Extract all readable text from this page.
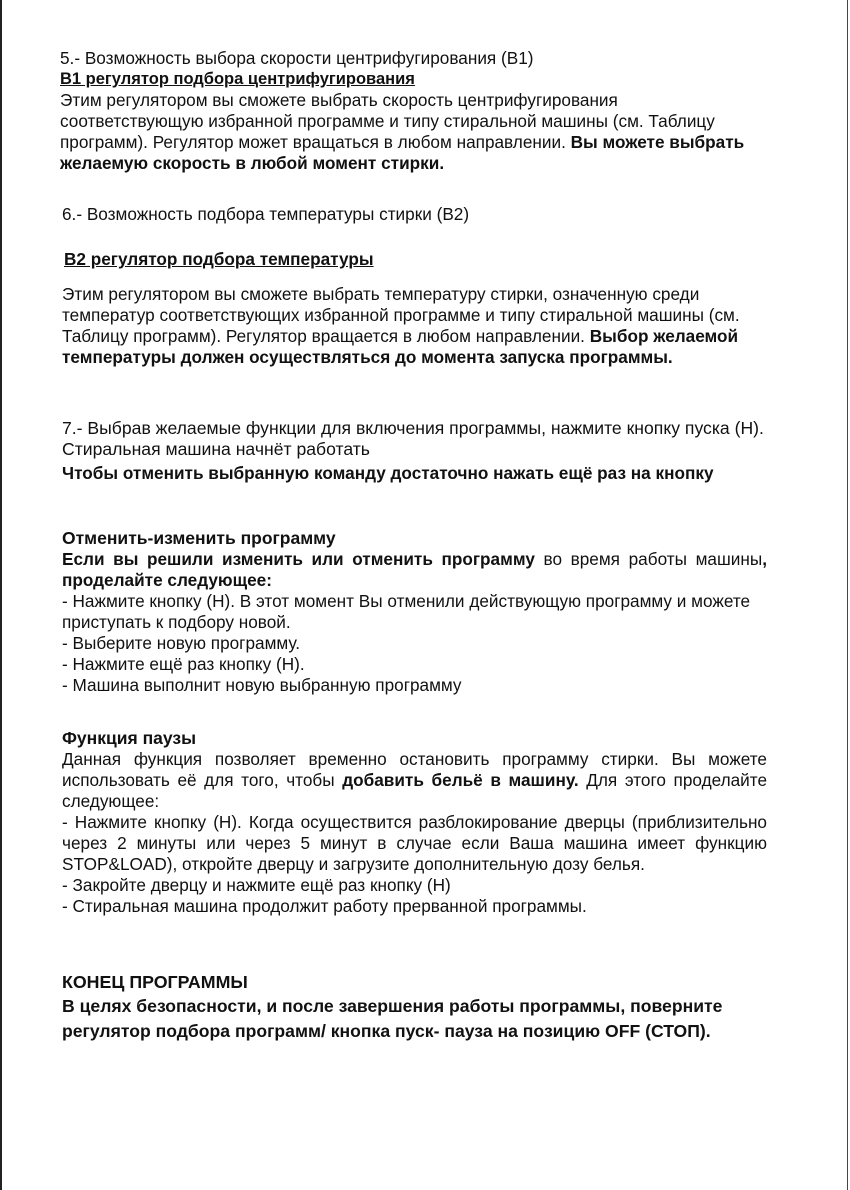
5.- Возможность выбора скорости центрифугирования (B1)

B1 регулятор подбора центрифугирования

Этим регулятором вы сможете выбрать скорость центрифугирования соответствующую избранной программе и типу стиральной машины (см. Таблицу программ). Регулятор может вращаться в любом направлении. Вы можете выбрать желаемую скорость в любой момент стирки.

6.- Возможность подбора температуры стирки (B2)

B2 регулятор подбора температуры

Этим регулятором вы сможете выбрать температуру стирки, означенную среди температур соответствующих избранной программе и типу стиральной машины (см. Таблицу программ). Регулятор вращается в любом направлении. Выбор желаемой температуры должен осуществляться до момента запуска программы.

7.- Выбрав желаемые функции для включения программы, нажмите кнопку пуска (H). Стиральная машина начнёт работать

Чтобы отменить выбранную команду достаточно нажать ещё раз на кнопку

Отменить-изменить программу

Если вы решили изменить или отменить программу во время работы машины, проделайте следующее:

- Нажмите кнопку (H). В этот момент Вы отменили действующую программу и можете приступать к подбору новой.

- Выберите новую программу.

- Нажмите ещё раз кнопку (H).

- Машина выполнит новую выбранную программу

Функция паузы

Данная функция позволяет временно остановить программу стирки. Вы можете использовать её для того, чтобы добавить бельё в машину. Для этого проделайте следующее:

- Нажмите кнопку (H). Когда осуществится разблокирование дверцы (приблизительно через 2 минуты или через 5 минут в случае если Ваша машина имеет функцию STOP&LOAD), откройте дверцу и загрузите дополнительную дозу белья.

- Закройте дверцу и нажмите ещё раз кнопку (H)

- Стиральная машина продолжит работу прерванной программы.

КОНЕЦ ПРОГРАММЫ

В целях безопасности, и после завершения работы программы, поверните регулятор подбора программ/ кнопка пуск- пауза на позицию OFF (СТОП).
